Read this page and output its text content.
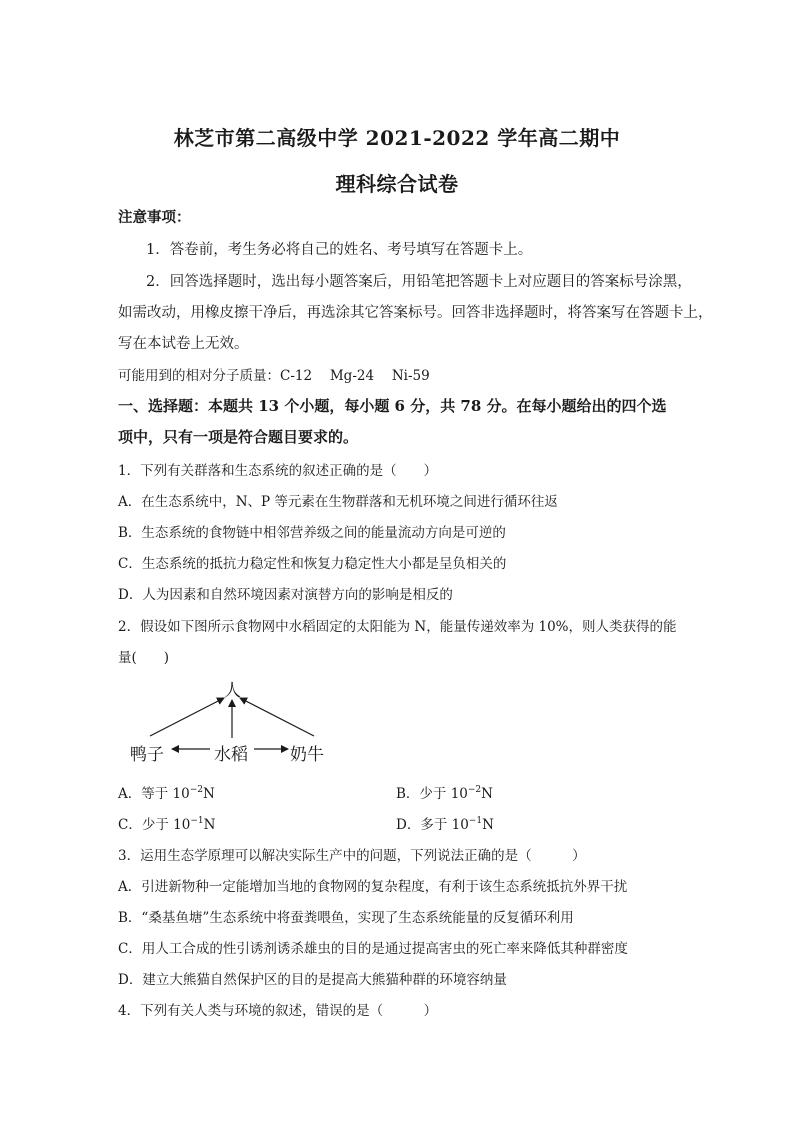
林芝市第二高级中学 2021-2022 学年高二期中
理科综合试卷
注意事项：
1．答卷前，考生务必将自己的姓名、考号填写在答题卡上。
2．回答选择题时，选出每小题答案后，用铅笔把答题卡上对应题目的答案标号涂黑，
如需改动，用橡皮擦干净后，再选涂其它答案标号。回答非选择题时，将答案写在答题卡上，
写在本试卷上无效。
可能用到的相对分子质量：C-12　 Mg-24　 Ni-59
一、选择题：本题共 13 个小题，每小题 6 分，共 78 分。在每小题给出的四个选
项中，只有一项是符合题目要求的。
1．下列有关群落和生态系统的叙述正确的是（　　）
A．在生态系统中，N、P 等元素在生物群落和无机环境之间进行循环往返
B．生态系统的食物链中相邻营养级之间的能量流动方向是可逆的
C．生态系统的抵抗力稳定性和恢复力稳定性大小都是呈负相关的
D．人为因素和自然环境因素对演替方向的影响是相反的
2．假设如下图所示食物网中水稻固定的太阳能为 N，能量传递效率为 10%，则人类获得的能
量(　　)
人
鸭子	水稻 奶牛
A．等于 $10^{-2}N$	B．少于 $10^{-2}N$
C．少于 $10^{-1}N$	D．多于 $10^{-1}N$
3．运用生态学原理可以解决实际生产中的问题，下列说法正确的是（　　　）
A．引进新物种一定能增加当地的食物网的复杂程度，有利于该生态系统抵抗外界干扰
B．“桑基鱼塘”生态系统中将蚕粪喂鱼，实现了生态系统能量的反复循环利用
C．用人工合成的性引诱剂诱杀雄虫的目的是通过提高害虫的死亡率来降低其种群密度
D．建立大熊猫自然保护区的目的是提高大熊猫种群的环境容纳量
4．下列有关人类与环境的叙述，错误的是（　　　）
